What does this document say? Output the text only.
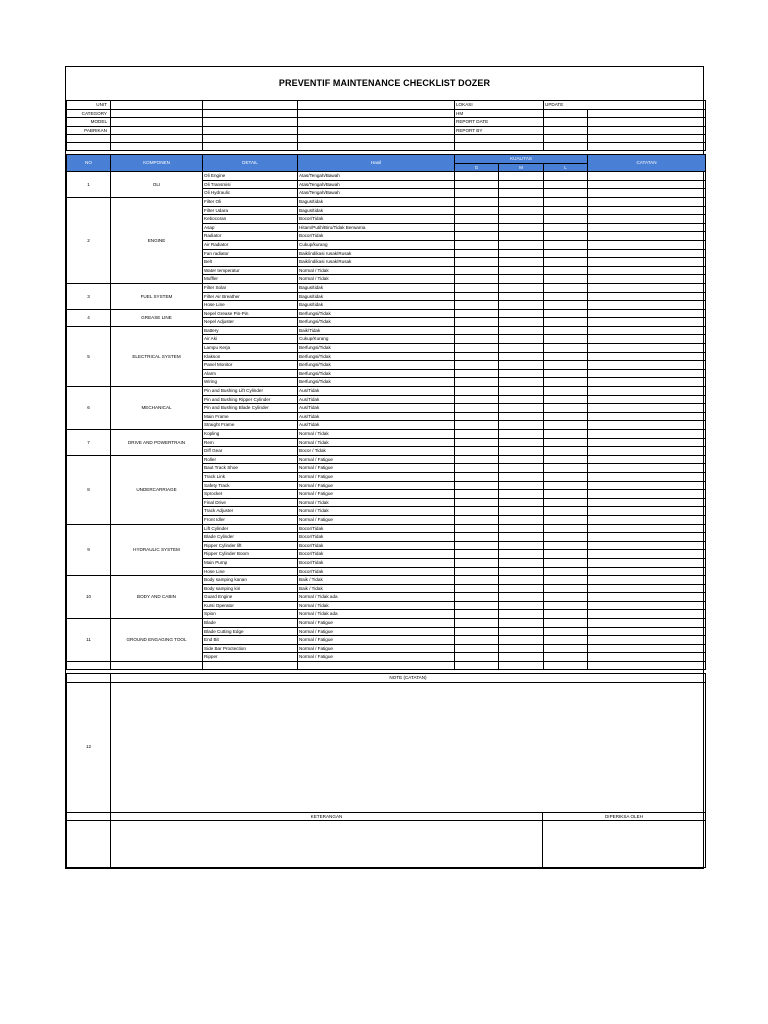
PREVENTIF MAINTENANCE CHECKLIST DOZER
UNIT				LOKASI	UPDATE	
CATEGORY				HM		
MODEL				REPORT DATE		
PABRIKAN				REPORT BY		

NO	KOMPONEN	DETAIL	Hasil	KUALITAS			CATATAN
				G	M	L	
1	OLI	Oli Engine	Atas/Tengah/Bawah				
		Oli Transmisi	Atas/Tengah/Bawah				
		Oli Hydraulic	Atas/Tengah/Bawah				
2	ENGINE	Filter Oli	Bagus/tidak				
		Filter Udara	Bagus/tidak				
		Kebocoran	Bocor/Tidak				
		Asap	Hitam/Putih/Biru/Tidak Berwarna				
		Radiator	Bocor/Tidak				
		Air Radiator	Cukup/kurang				
		Fan radiator	Baik/indikasi rusak/Rusak				
		Belt	Baik/indikasi rusak/Rusak				
		Water temperatur	Normal / Tidak				
		Muffler	Normal / Tidak				
3	FUEL SYSTEM	Filter Solar	Bagus/tidak				
		Filter Air Breather	Bagus/tidak				
		Hose Line	Bagus/tidak				
4	GREASE LINE	Nepel Grease Pin-Pin	Berfungsi/Tidak				
		Nepel Adjuster	Berfungsi/Tidak				
5	ELECTRICAL SYSTEM	Battery	Baik/Tidak				
		Air Aki	Cukup/Kurang				
		Lampu Kerja	Berfungsi/Tidak				
		Klakson	Berfungsi/Tidak				
		Panel Monitor	Berfungsi/Tidak				
		Alarm	Berfungsi/Tidak				
		Wiring	Berfungsi/Tidak				
6	MECHANICAL	Pin and Bushing Lift Cylinder	Aus/Tidak				
		Pin and Bushing Ripper Cylinder	Aus/Tidak				
		Pin and Bushing Blade Cylinder	Aus/Tidak				
		Main Frame	Aus/Tidak				
		Straight Frame	Aus/Tidak				
7	DRIVE AND POWERTRAIN	Kopling	Normal / Tidak				
		Rem	Normal / Tidak				
		Diff Gear	Bocor / Tidak				
8	UNDERCARRIAGE	Roller	Normal / Fatigue				
		Baut Track Shoe	Normal / Fatigue				
		Track Link	Normal / Fatigue				
		Safety Track	Normal / Fatigue				
		Sprocket	Normal / Fatigue				
		Final Drive	Normal / Tidak				
		Track Adjuster	Normal / Tidak				
		Front Idler	Normal / Fatigue				
9	HYDRAULIC SYSTEM	Lift Cylinder	Bocor/Tidak				
		Blade Cylinder	Bocor/Tidak				
		Ripper Cylinder lift	Bocor/Tidak				
		Ripper Cylinder Boom	Bocor/Tidak				
		Main Pump	Bocor/Tidak				
		Hose Line	Bocor/Tidak				
10	BODY AND CABIN	Body samping kanan	Baik / Tidak				
		Body samping kiri	Baik / Tidak				
		Guard Engine	Normal / Tidak ada				
		Kursi Operator	Normal / Tidak				
		Spion	Normal / Tidak ada				
11	GROUND ENGAGING TOOL	Blade	Normal / Fatigue				
		Blade Cutting Edge	Normal / Fatigue				
		End Bit	Normal / Fatigue				
		Side Bar Proctection	Normal / Fatigue				
		Ripper	Normal / Fatigue				

	NOTE (CATATAN)	
12		
	KETERANGAN	DIPERIKSA OLEH
